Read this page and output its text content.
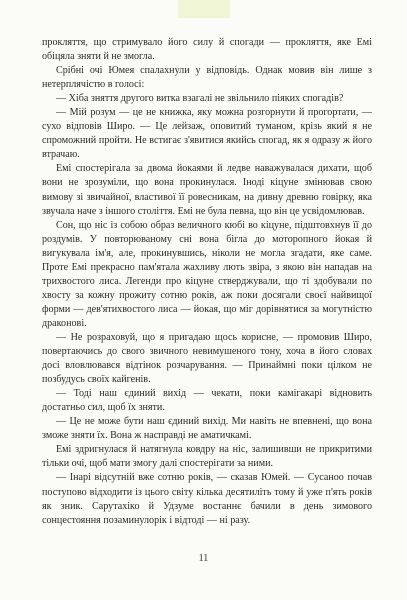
прокляття, що стримувало його силу й спогади — прокляття, яке Емі обіцяла зняти й не змогла.

Срібні очі Юмея спалахнули у відповідь. Однак мовив він лише з нетерплячістю в голосі:

— Хіба зняття другого витка взагалі не звільнило піяких спогадів?

— Мій розум — це не книжка, яку можна розгорнути й прогортати, — сухо відповів Широ. — Це лейзаж, оповитий туманом, крізь який я не спроможний пройти. Не встигає з'явитися якийсь спогад, як я одразу ж його втрачаю.

Емі спостерігала за двома йокаями й ледве наважувалася дихати, щоб вони не зрозуміли, що вона прокинулася. Іноді кіцуне змінював свою вимову зі звичайної, властивої її ровесникам, на дивну древню говірку, яка звучала наче з іншого століття. Емі не була певна, що він це усвідомлював.

Сон, що ніс із собою образ величного кюбі во кіцуне, підштовхнув її до роздумів. У повторюваному сні вона бігла до моторопного йокая й вигукувала ім'я, але, прокинувшись, ніколи не могла згадати, яке саме. Проте Емі прекрасно пам'ятала жахливу лють звіра, з якою він нападав на трихвостого лиса. Легенди про кіцуне стверджували, що ті здобували по хвосту за кожну прожиту сотню років, аж поки досягали своєї найвищої форми — дев'ятихвостого лиса — йокая, що міг дорівнятися за могутністю драконові.

— Не розраховуй, що я пригадаю щось корисне, — промовив Широ, повертаючись до свого звичного невимушеного тону, хоча в його словах досі вловлювався відтінок розчарування. — Принаймні поки цілком не позбудусь своїх кайгенів.

— Тоді наш єдиний вихід — чекати, поки камігакарі відновить достатньо сил, щоб їх зняти.

— Це не може бути наш єдиний вихід. Ми навіть не впевнені, що вона зможе зняти їх. Вона ж насправді не аматичкамі.

Емі здригнулася й натягнула ковдру на ніс, залишивши не прикритими тільки очі, щоб мати змогу далі спостерігати за ними.

— Інарі відсутній вже сотню років, — сказав Юмей. — Сусаноо почав поступово відходити із цього світу кілька десятиліть тому й уже п'ять років як зник. Сарутахіко й Удзуме востаннє бачили в день зимового сонцестояння позаминулорік і відтоді — ні разу.

11
